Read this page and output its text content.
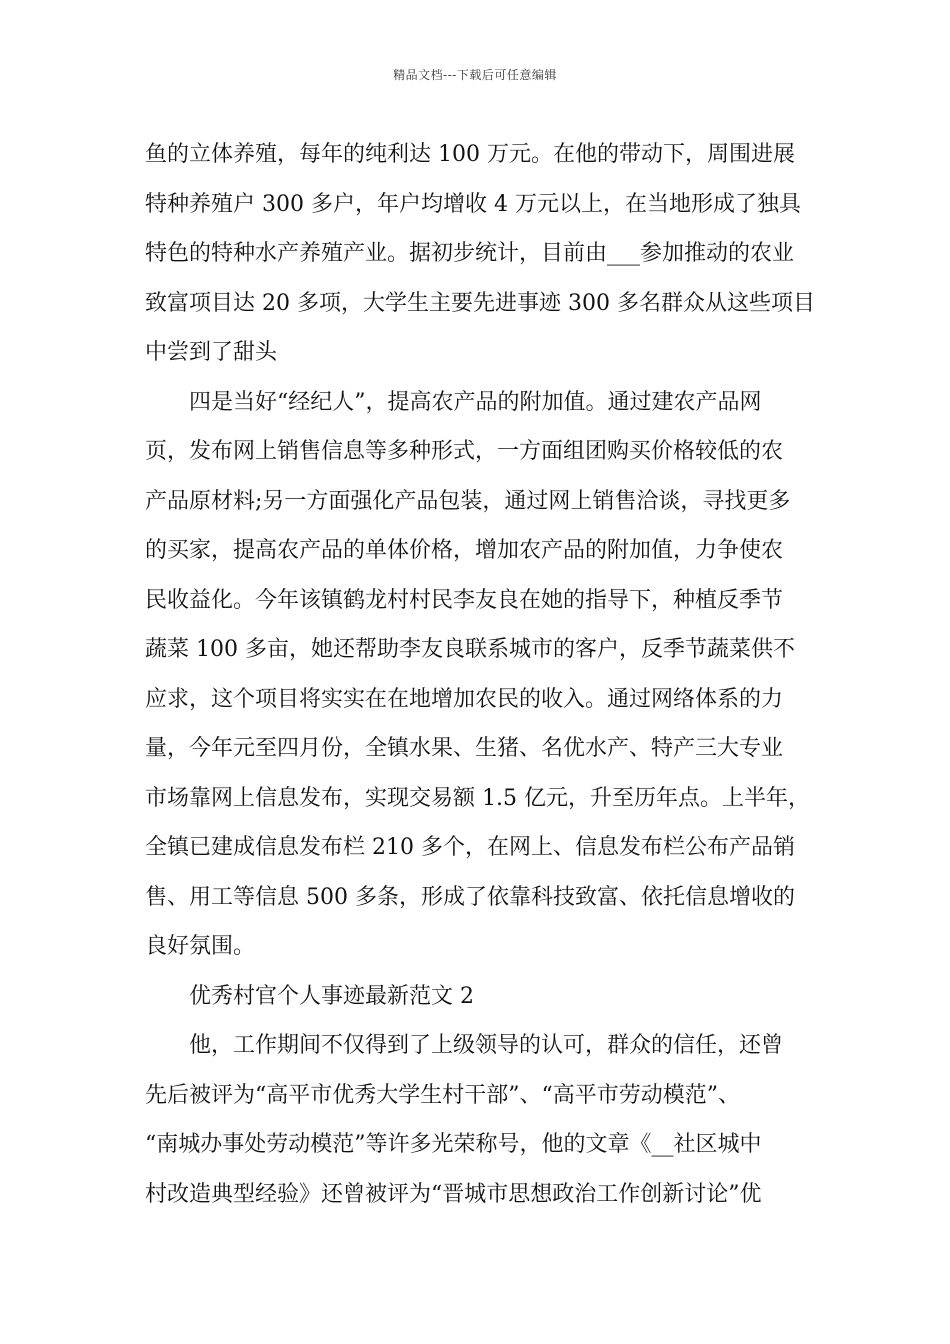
精品文档---下载后可任意编辑
鱼的立体养殖，每年的纯利达 100 万元。在他的带动下，周围进展
特种养殖户 300 多户，年户均增收 4 万元以上，在当地形成了独具
特色的特种水产养殖产业。据初步统计，目前由___参加推动的农业
致富项目达 20 多项，大学生主要先进事迹 300 多名群众从这些项目
中尝到了甜头
四是当好“经纪人”，提高农产品的附加值。通过建农产品网
页，发布网上销售信息等多种形式，一方面组团购买价格较低的农
产品原材料;另一方面强化产品包装，通过网上销售洽谈，寻找更多
的买家，提高农产品的单体价格，增加农产品的附加值，力争使农
民收益化。今年该镇鹤龙村村民李友良在她的指导下，种植反季节
蔬菜 100 多亩，她还帮助李友良联系城市的客户，反季节蔬菜供不
应求，这个项目将实实在在地增加农民的收入。通过网络体系的力
量，今年元至四月份，全镇水果、生猪、名优水产、特产三大专业
市场靠网上信息发布，实现交易额 1.5 亿元，升至历年点。上半年，
全镇已建成信息发布栏 210 多个，在网上、信息发布栏公布产品销
售、用工等信息 500 多条，形成了依靠科技致富、依托信息增收的
良好氛围。
优秀村官个人事迹最新范文 2
他，工作期间不仅得到了上级领导的认可，群众的信任，还曾
先后被评为“高平市优秀大学生村干部”、“高平市劳动模范”、
“南城办事处劳动模范”等许多光荣称号，他的文章《__社区城中
村改造典型经验》还曾被评为“晋城市思想政治工作创新讨论”优
